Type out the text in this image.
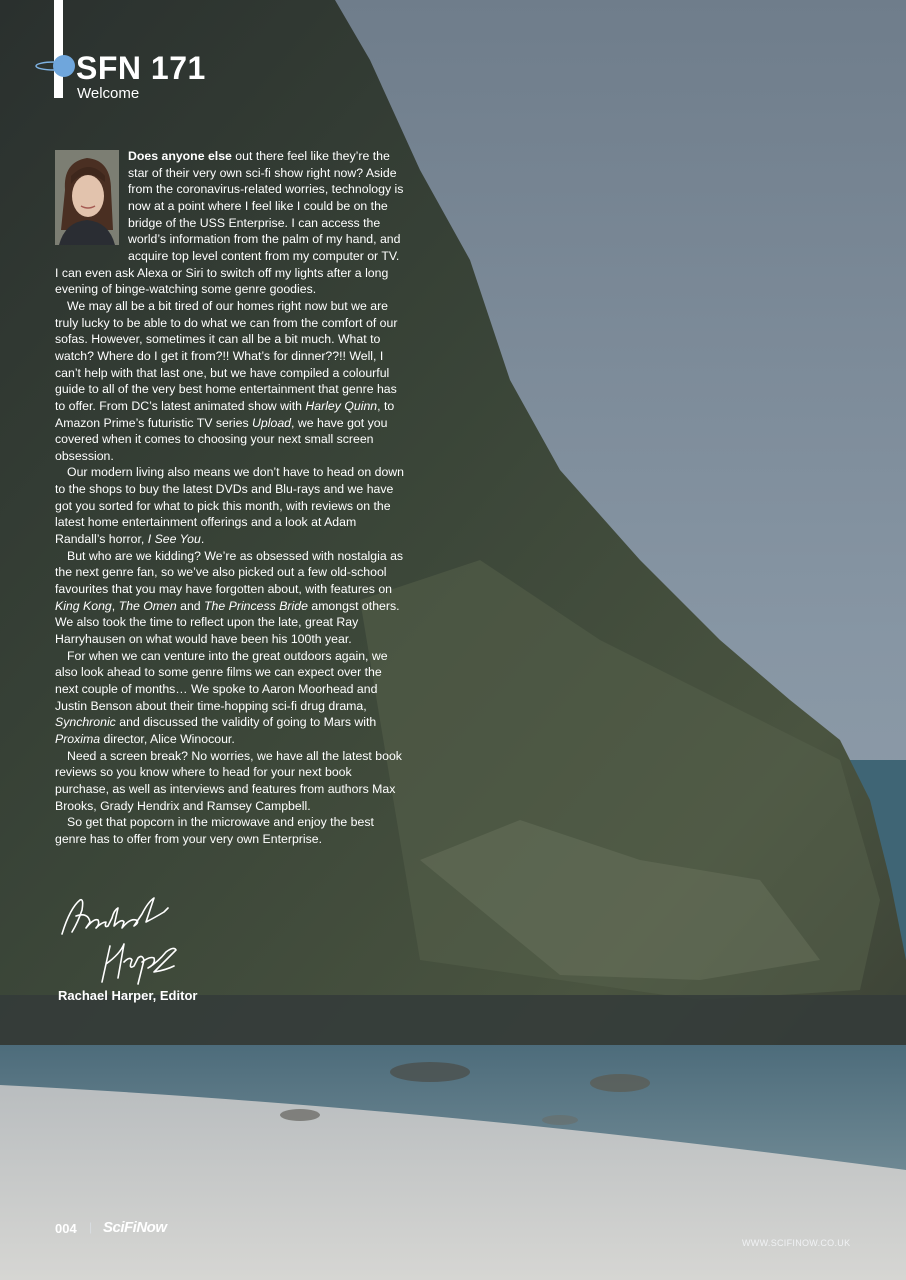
SFN 171
Welcome

Does anyone else out there feel like they’re the star of their very own sci-fi show right now? Aside from the coronavirus-related worries, technology is now at a point where I feel like I could be on the bridge of the USS Enterprise. I can access the world’s information from the palm of my hand, and acquire top level content from my computer or TV. I can even ask Alexa or Siri to switch off my lights after a long evening of binge-watching some genre goodies.

We may all be a bit tired of our homes right now but we are truly lucky to be able to do what we can from the comfort of our sofas. However, sometimes it can all be a bit much. What to watch? Where do I get it from?!! What’s for dinner??!! Well, I can’t help with that last one, but we have compiled a colourful guide to all of the very best home entertainment that genre has to offer. From DC’s latest animated show with Harley Quinn, to Amazon Prime’s futuristic TV series Upload, we have got you covered when it comes to choosing your next small screen obsession.

Our modern living also means we don’t have to head on down to the shops to buy the latest DVDs and Blu-rays and we have got you sorted for what to pick this month, with reviews on the latest home entertainment offerings and a look at Adam Randall’s horror, I See You.

But who are we kidding? We’re as obsessed with nostalgia as the next genre fan, so we’ve also picked out a few old-school favourites that you may have forgotten about, with features on King Kong, The Omen and The Princess Bride amongst others. We also took the time to reflect upon the late, great Ray Harryhausen on what would have been his 100th year.

For when we can venture into the great outdoors again, we also look ahead to some genre films we can expect over the next couple of months… We spoke to Aaron Moorhead and Justin Benson about their time-hopping sci-fi drug drama, Synchronic and discussed the validity of going to Mars with Proxima director, Alice Winocour.

Need a screen break? No worries, we have all the latest book reviews so you know where to head for your next book purchase, as well as interviews and features from authors Max Brooks, Grady Hendrix and Ramsey Campbell.

So get that popcorn in the microwave and enjoy the best genre has to offer from your very own Enterprise.

Rachael Harper, Editor
004 | SciFiNow
WWW.SCIFINOW.CO.UK
